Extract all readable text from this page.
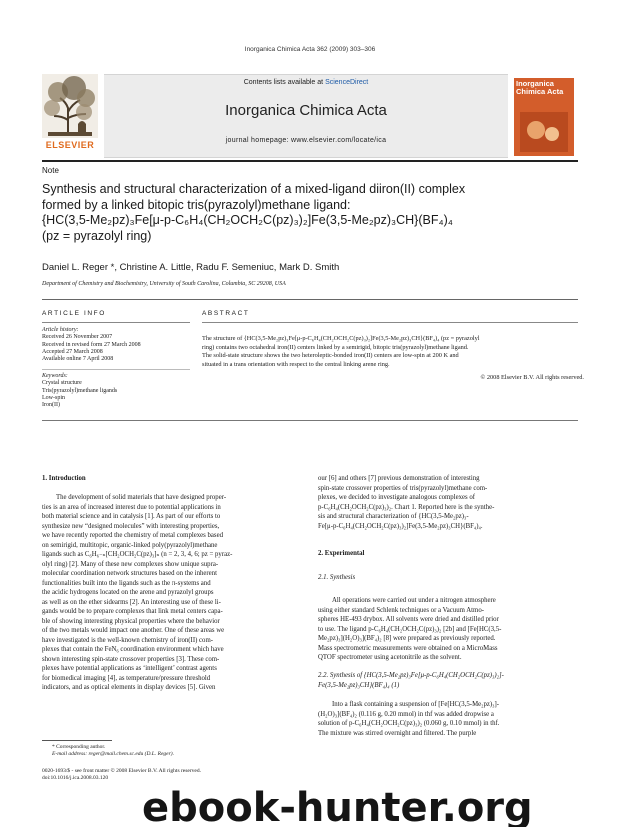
Inorganica Chimica Acta 362 (2009) 303–306
ELSEVIER
Contents lists available at ScienceDirect
Inorganica Chimica Acta
journal homepage: www.elsevier.com/locate/ica
Inorganica Chimica Acta
Note
Synthesis and structural characterization of a mixed-ligand diiron(II) complex
formed by a linked bitopic tris(pyrazolyl)methane ligand:
{HC(3,5-Me₂pz)₃Fe[μ-p-C₆H₄(CH₂OCH₂C(pz)₃)₂]Fe(3,5-Me₂pz)₃CH}(BF₄)₄
(pz = pyrazolyl ring)
Daniel L. Reger *, Christine A. Little, Radu F. Semeniuc, Mark D. Smith
Department of Chemistry and Biochemistry, University of South Carolina, Columbia, SC 29208, USA
ARTICLE INFO
Article history:
Received 26 November 2007
Received in revised form 27 March 2008
Accepted 27 March 2008
Available online 7 April 2008
Keywords:
Crystal structure
Tris(pyrazolyl)methane ligands
Low-spin
Iron(II)
ABSTRACT
The structure of {HC(3,5-Me₂pz)₃Fe[μ-p-C₆H₄(CH₂OCH₂C(pz)₃)₂]Fe(3,5-Me₂pz)₃CH}(BF₄)₄ (pz = pyrazolyl
ring) contains two octahedral iron(II) centers linked by a semirigid, bitopic tris(pyrazolyl)methane ligand.
The solid-state structure shows the two heteroleptic-bonded iron(II) centers are low-spin at 200 K and
situated in a trans orientation with respect to the central linking arene ring.
© 2008 Elsevier B.V. All rights reserved.
1. Introduction
The development of solid materials that have designed proper-
ties is an area of increased interest due to potential applications in
both material science and in catalysis [1]. As part of our efforts to
synthesize new “designed molecules” with interesting properties,
we have recently reported the chemistry of metal complexes based
on semirigid, multitopic, organic-linked poly(pyrazolyl)methane
ligands such as C₆H₆₋ₙ[CH₂OCH₂C(pz)₃]ₙ (n = 2, 3, 4, 6; pz = pyraz-
olyl ring) [2]. Many of these new complexes show unique supra-
molecular coordination network structures based on the inherent
functionalities built into the ligands such as the π-systems and
the acidic hydrogens located on the arene and pyrazolyl groups
as well as on the ether sidearms [2]. An interesting use of these li-
gands would be to prepare complexes that link metal centers capa-
ble of showing interesting physical properties where the behavior
of the two metals would impact one another. One of these areas we
have investigated is the well-known chemistry of iron(II) com-
plexes that contain the FeN₆ coordination environment which have
shown interesting spin-state crossover properties [3]. These com-
plexes have potential applications as ‘intelligent’ contrast agents
for biomedical imaging [4], as temperature/pressure threshold
indicators, and as optical elements in display devices [5]. Given
our [6] and others [7] previous demonstration of interesting
spin-state crossover properties of tris(pyrazolyl)methane com-
plexes, we decided to investigate analogous complexes of
p-C₆H₄(CH₂OCH₂C(pz)₃)₂. Chart 1. Reported here is the synthe-
sis and structural characterization of {HC(3,5-Me₂pz)₃-
Fe[μ-p-C₆H₄(CH₂OCH₂C(pz)₃)₂]Fe(3,5-Me₂pz)₃CH}(BF₄)₄.
2. Experimental
2.1. Synthesis
All operations were carried out under a nitrogen atmosphere
using either standard Schlenk techniques or a Vacuum Atmo-
spheres HE-493 drybox. All solvents were dried and distilled prior
to use. The ligand p-C₆H₄(CH₂OCH₂C(pz)₃)₂ [2b] and [Fe[HC(3,5-
Me₂pz)₃](H₂O)₃](BF₄)₂ [8] were prepared as previously reported.
Mass spectrometric measurements were obtained on a MicroMass
QTOF spectrometer using acetonitrile as the solvent.
2.2. Synthesis of {HC(3,5-Me₂pz)₃Fe[μ-p-C₆H₄(CH₂OCH₂C(pz)₃)₂]-
Fe(3,5-Me₂pz)₃CH}(BF₄)₄ (1)
Into a flask containing a suspension of [Fe[HC(3,5-Me₂pz)₃]-
(H₂O)₃](BF₄)₂ (0.116 g, 0.20 mmol) in thf was added dropwise a
solution of p-C₆H₄(CH₂OCH₂C(pz)₃)₂ (0.060 g, 0.10 mmol) in thf.
The mixture was stirred overnight and filtered. The purple
* Corresponding author.
E-mail address: reger@mail.chem.sc.edu (D.L. Reger).
0020-1693/$ - see front matter © 2008 Elsevier B.V. All rights reserved.
doi:10.1016/j.ica.2008.03.120
ebook-hunter.org
